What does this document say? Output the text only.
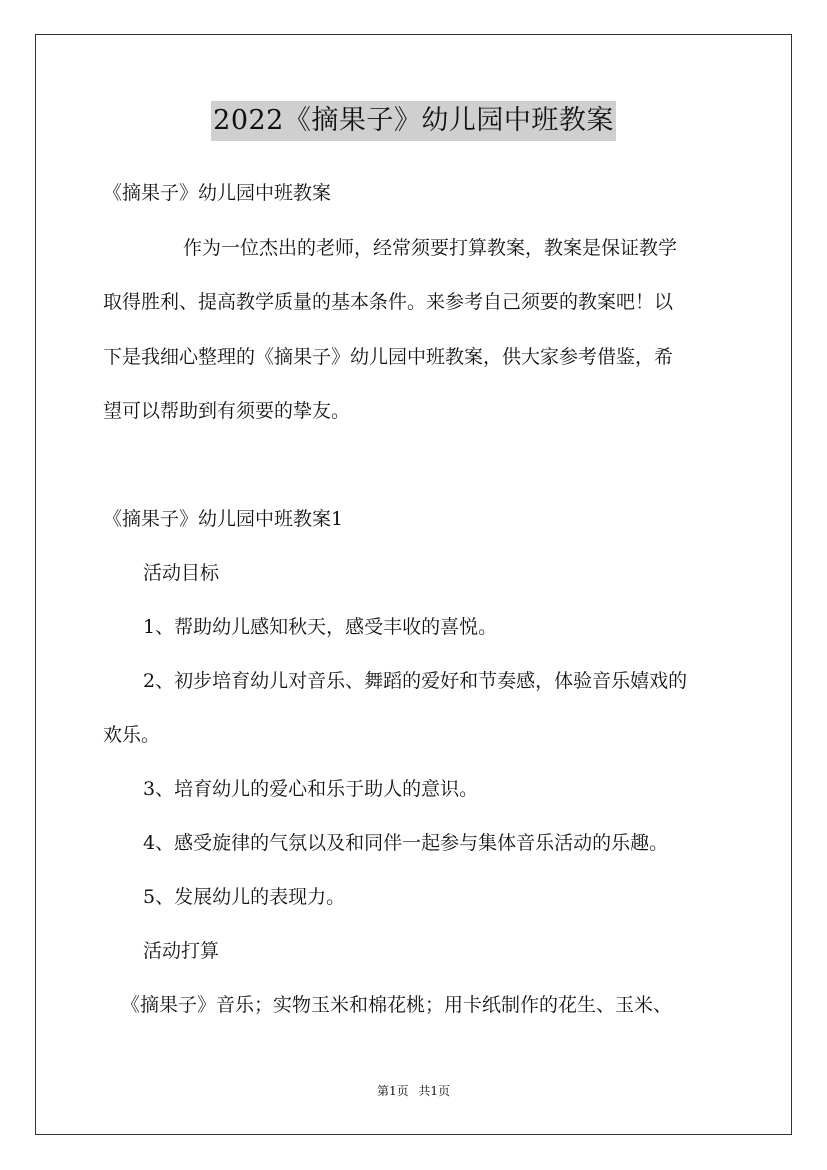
2022《摘果子》幼儿园中班教案
《摘果子》幼儿园中班教案
作为一位杰出的老师，经常须要打算教案，教案是保证教学
取得胜利、提高教学质量的基本条件。来参考自己须要的教案吧！以
下是我细心整理的《摘果子》幼儿园中班教案，供大家参考借鉴，希
望可以帮助到有须要的挚友。
《摘果子》幼儿园中班教案1
活动目标
1、帮助幼儿感知秋天，感受丰收的喜悦。
2、初步培育幼儿对音乐、舞蹈的爱好和节奏感，体验音乐嬉戏的
欢乐。
3、培育幼儿的爱心和乐于助人的意识。
4、感受旋律的气氛以及和同伴一起参与集体音乐活动的乐趣。
5、发展幼儿的表现力。
活动打算
《摘果子》音乐；实物玉米和棉花桃；用卡纸制作的花生、玉米、
第1页 共1页
